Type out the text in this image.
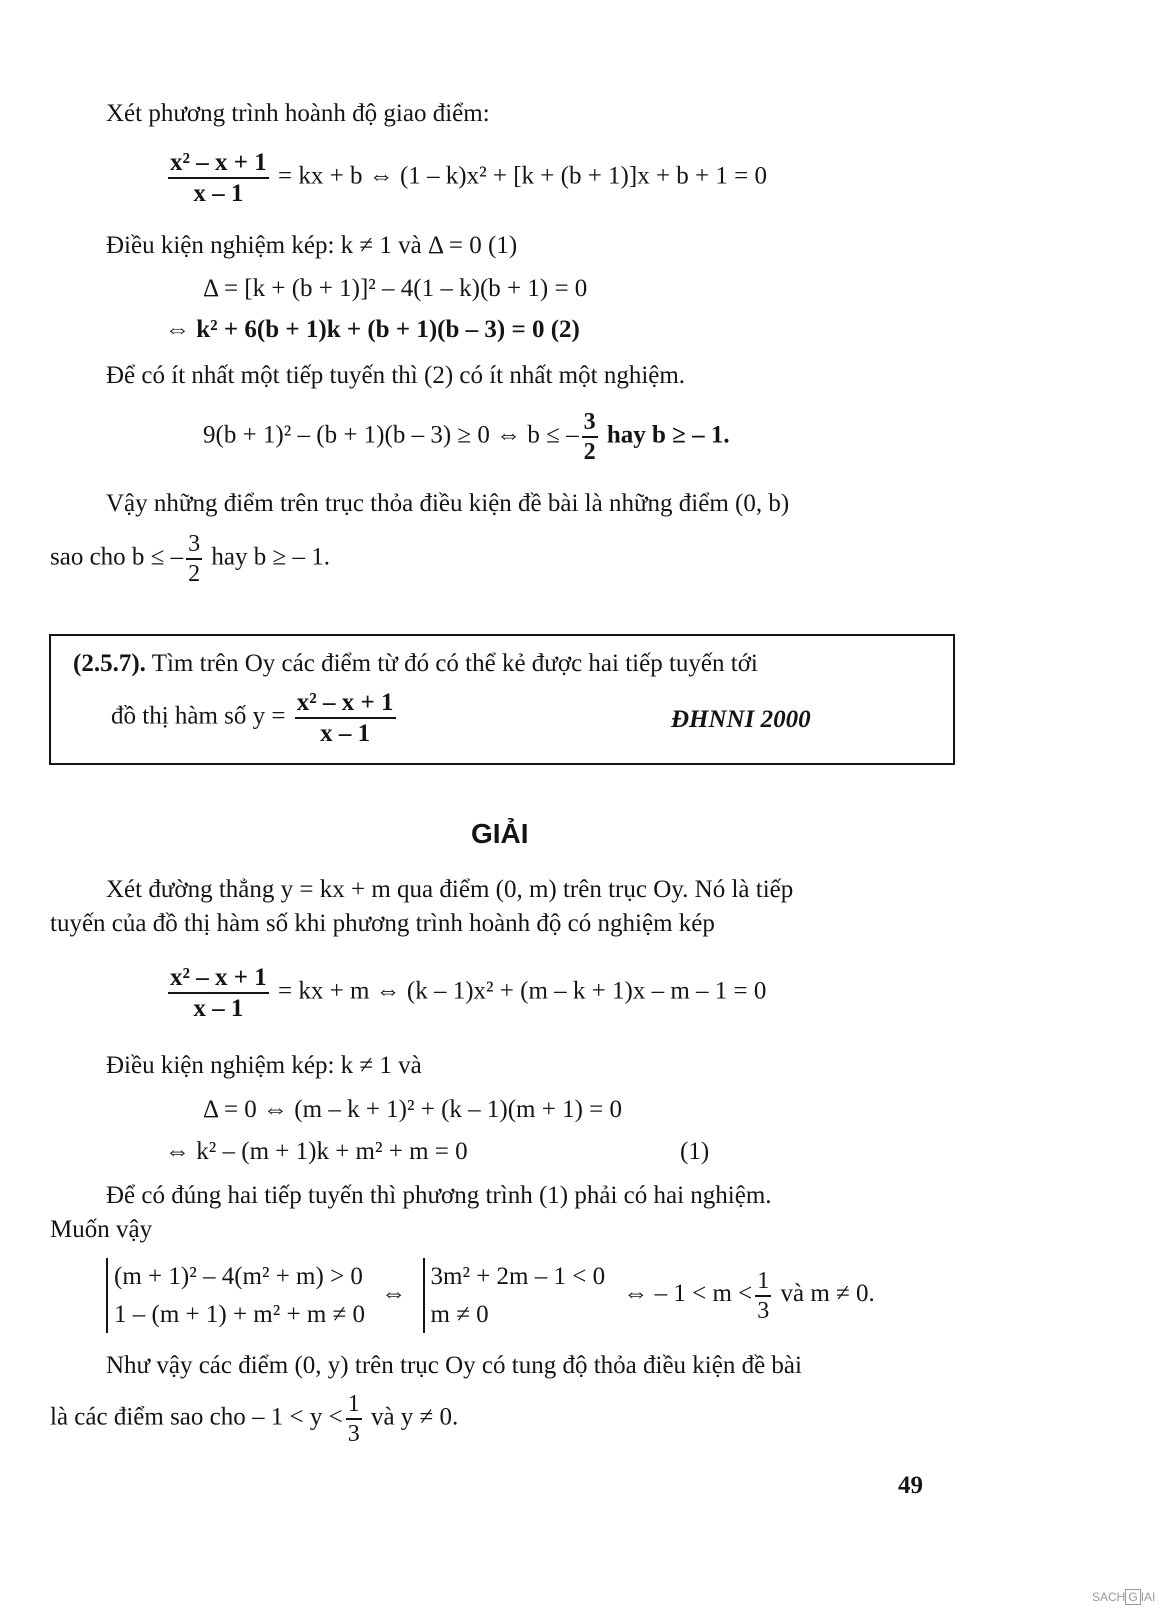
Xét phương trình hoành độ giao điểm:
$\frac{\text{x² – x + 1}}{x - 1}$ = kx + b ⇔ (1 – k)x² + [k + (b + 1)]x + b + 1 = 0
Điều kiện nghiệm kép: k ≠ 1 và Δ = 0 (1)
Δ = [k + (b + 1)]² – 4(1 – k)(b + 1) = 0
⇔ k² + 6(b + 1)k + (b + 1)(b – 3) = 0 (2)
Để có ít nhất một tiếp tuyến thì (2) có ít nhất một nghiệm.
9(b + 1)² – (b + 1)(b – 3) ≥ 0 ⇔ b ≤ – $\frac{3}{2}$ hay b ≥ – 1.
Vậy những điểm trên trục thỏa điều kiện đề bài là những điểm (0, b)
sao cho b ≤ – $\frac{3}{2}$ hay b ≥ – 1.
(2.5.7). Tìm trên Oy các điểm từ đó có thể kẻ được hai tiếp tuyến tới
đồ thị hàm số $y = \frac{\text{x² – x + 1}}{x - 1}$	ĐHNNI 2000
GIẢI
Xét đường thẳng y = kx + m qua điểm (0, m) trên trục Oy. Nó là tiếp
tuyến của đồ thị hàm số khi phương trình hoành độ có nghiệm kép
$\frac{\text{x² – x + 1}}{x - 1}$ = kx + m ⇔ (k – 1)x² + (m – k + 1)x – m – 1 = 0
Điều kiện nghiệm kép: k ≠ 1 và
Δ = 0 ⇔ (m – k + 1)² + (k – 1)(m + 1) = 0
⇔ k² – (m + 1)k + m² + m = 0	(1)
Để có đúng hai tiếp tuyến thì phương trình (1) phải có hai nghiệm.
Muốn vậy
(m + 1)² – 4(m² + m) > 0
1 – (m + 1) + m² + m ≠ 0
⇔
3m² + 2m – 1 < 0
m ≠ 0
⇔ – $1 < m < \frac{1}{3}$ và m ≠ 0.
Như vậy các điểm (0, y) trên trục Oy có tung độ thỏa điều kiện đề bài
là các điểm sao cho – $1 < y < \frac{1}{3}$ và y ≠ 0.
49
SACH G IAI
